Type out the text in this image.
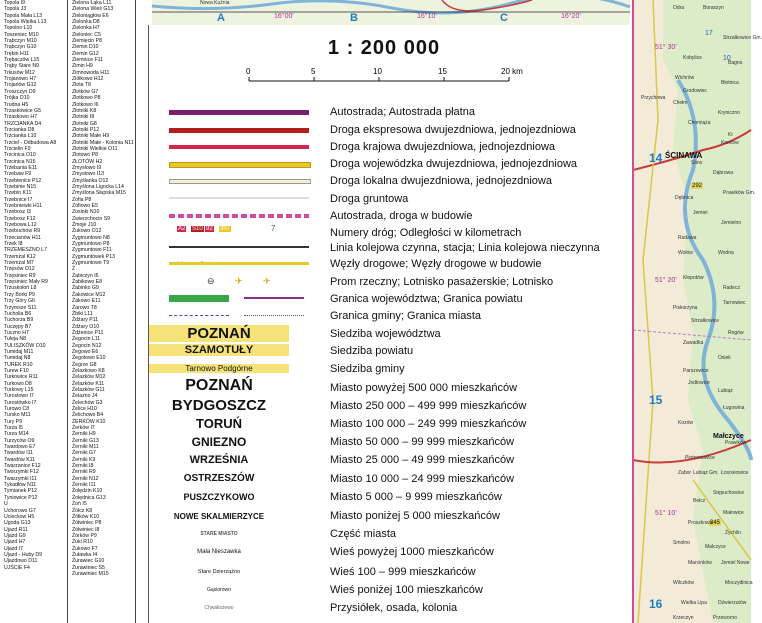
Topola I9
Topola J3
Topola Mała L13
Topola Wielka L13
Topolno L10
Toszeniec M10
Trąbczyn M10
Trąbczyn G10
Trębin H11
Trębaczów L15
Trąby Stare N9
Trkusów M12
Trojanowo H7
Trojanów G12
Troszczyn D9
Trójka O10
Trudna H5
Trzaskowice G5
Trzaskowo H7
TRZCIANKA D4
Trzcianka D8
Trzcianka L10
Trzciel - Odbudowa A8
Trzcielin F9
Trzcinica O10
Trzcinica N15
Trzebania E11
Trzebaw F9
Trzebienice P12
Trzebinie N15
Trzebin K11
Trzebnice I7
Trzebniewki H11
Trzebosz I3
Trzebosz F12
Trzebowa L12
Trzebuchów R9
Trzecianów H11
Trzek I8
TRZEMESZNO L7
Trzemżal K12
Trzemżal M7
Trzęsów O12
Trzęsiniec R9
Trzęsiniec Mały R9
Trzuskołoń L8
Trzy Borki P9
Trzy Góry G6
Trzymsze S11
Tucholia B6
Tuchorza B9
Tuczępy B7
Tuczno H7
Tuleja N8
TULISZKÓW O10
Tumidaj M11
Tumidaj N8
TUREK R10
Turew F10
Turkowice R11
Turkowo D8
Turkowy L15
Turostowo I7
Turostówko I7
Turowo C8
Tursko M11
Tury P9
Turza I5
Turza M14
Turzyców O9
Twardowo E7
Twardów I11
Twardów K11
Twarzanice F12
Tworzymki F12
Twarzymki I11
Tykadłów N11
Tymianek P12
Tyniowice P12
U
Uchorowo G7
Ucieckow H5
Ugoda G13
Ujazd R11
Ujazd G9
Ujazd H7
Ujazd I7
Ujazd - Huby D9
Ujazdowo D11
UJŚCIE F4
Zielona Łąka L11
Zielona Wieś G13
Zieloniągłów E6
Zielonka D8
Zielonka H7
Zieloniec C5
Ziemięcin P8
Ziemin D10
Ziemin G12
Ziemnice F11
Zimin H9
Zimnowoda H11
Ziółkowo H12
Złota T8
Złotków G7
Złotkowo P8
Złotkowo I6
Złotniki K8
Złotniki I8
Złotniki G8
Złotniki P12
Złotniki Małe H9
Złotniki Małe - Kolonia N11
Złotniki Wielkie O11
Złotowo P8
ZŁOTÓW H2
Zmysłowo I9
Zmysłowo I13
Zmyślanka O12
Zmyślona Ligocka L14
Zmyślona Słupska M15
Zofia P8
Zofiowo E5
Zosinki N10
Zwierzchocin S9
Żmoje J10
Żukowo O12
Zygmuntowo N8
Zygmuntowo P8
Zygmuntowo F11
Zygmuntówek P13
Zygmuntowo T9
Ż
Żabiczyn I6
Żabikowo E8
Żabinko G9
Żakowice M12
Żakowo E11
Żarowo T8
Żbiki L11
Żdżary P11
Żdżary O10
Żdżenice P11
Żegocin L11
Żegocin N12
Żegowo E6
Żegotowo E10
Żegrze G8
Żelazkowo K8
Żelazków M12
Żelazków K11
Żelazków G11
Żelazno J4
Żelechów G3
Żelice H10
Żelichowo B4
ŻERKÓW K10
Żerków I7
Żerniki H9
Żerniki G13
Żerniki M11
Żerniki G7
Żerniki K9
Żerniki I8
Żerniki R9
Żerniki N12
Żerniki I11
Żołędzin K10
Żołędnica G13
Żoń I5
Żółcz K8
Żółków K10
Żółwiniec P8
Żółwiniec I8
Żórków P9
Żuki R10
Żukowo F7
Żuławka I4
Żurawiec G10
Żurawiniec S5
Żurawiniec M15
Nowa Kuźnia
A	16°00'	B	16°10'	C	16°20'
1 : 200 000
0	5	10	15	20 km
Autostrada; Autostrada płatna
Droga ekspresowa dwujezdniowa, jednojezdniowa
Droga krajowa dwujezdniowa, jednojezdniowa
Droga wojewódzka dwujezdniowa, jednojezdniowa
Droga lokalna dwujezdniowa, jednojezdniowa
Droga gruntowa
Autostrada, droga w budowie
Numery dróg; Odległości w kilometrach
Linia kolejowa czynna, stacja; Linia kolejowa nieczynna
Węzły drogowe; Węzły drogowe w budowie
Prom rzeczny; Lotnisko pasażerskie; Lotnisko
Granica województwa; Granica powiatu
Granica gminy; Granica miasta
Siedziba województwa
Siedziba powiatu
Siedziba gminy
Miasto powyżej 500 000 mieszkańców
Miasto 250 000 – 499 999 mieszkańców
Miasto 100 000 – 249 999 mieszkańców
Miasto 50 000 – 99 999 mieszkańców
Miasto 25 000 – 49 999 mieszkańców
Miasto 10 000 – 24 999 mieszkańców
Miasto 5 000 – 9 999 mieszkańców
Miasto poniżej 5 000 mieszkańców
Część miasta
Wieś powyżej 1000 mieszkańców
Wieś 100 – 999 mieszkańców
Wieś poniżej 100 mieszkańców
Przysiółek, osada, kolonia
POZNAŃ
SZAMOTUŁY
Tarnowo Podgórne
POZNAŃ
BYDGOSZCZ
TORUŃ
GNIEZNO
WRZEŚNIA
OSTRZESZÓW
PUSZCZYKOWO
NOWE SKALMIERZYCE
STARE MIASTO
Mała Nieszawka
Stare Dzierzążno
Gąsiorowo
Chwaliszewo
A2 S10 92 307	7
⊖ ✈ ✈
51° 30'
51° 20'
51° 10'
14
15
16
ŚCINAWA
Małczyce
17
10
292
345
Przychowa
Grodowiec
Kr
Krzelów
Sitno
Dąbrowa
Chełm
Parszowice
Lubiąż
Prawików
Bełcz
Malczyce
Wilczków
Strzałkowice
Ługowina
Wołów
Odra	Boraszyn
Jemiel
Jemielno
Rudawa
Wodna
Kłopotów
Radecz
Piskorzyna
Rogów
Zawadka
Osiek
Jodłowice
Kozów
Łososiowice
Piotroniowice
Stępuchowice
Zabor
Małowice
Proszkowa
Żychlin
Smolno
Jemiel Nowe
Marcinków
Moczydlnica
Wielka Lipa Dźwierzutów
Krzeczyn	Przeworno
Lubiąż Gm.
Tarnowiec
Dębnica
Prawików Gm.
Chomiąża
Kryniczno
Wichrów
Błotnica
Kobylice
Bagno
Strzałkowice Gm.
